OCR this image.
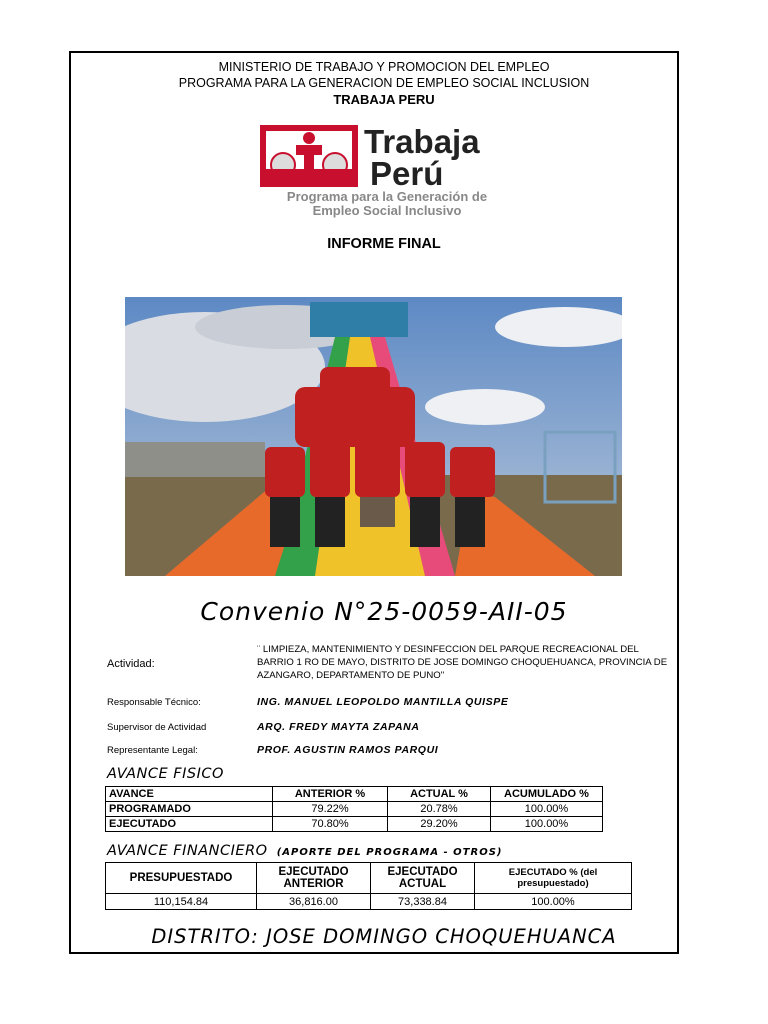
MINISTERIO DE TRABAJO Y PROMOCION DEL EMPLEO
PROGRAMA PARA LA GENERACION DE EMPLEO SOCIAL INCLUSION
TRABAJA PERU
Trabaja
Perú
Programa para la Generación de
Empleo Social Inclusivo
INFORME FINAL
Convenio N°25-0059-AII-05
Actividad:
¨ LIMPIEZA, MANTENIMIENTO Y DESINFECCION DEL PARQUE RECREACIONAL DEL BARRIO 1 RO DE MAYO, DISTRITO DE JOSE DOMINGO CHOQUEHUANCA, PROVINCIA DE AZANGARO, DEPARTAMENTO DE PUNO"
Responsable Técnico:	ING. MANUEL LEOPOLDO MANTILLA QUISPE
Supervisor de Actividad	ARQ. FREDY MAYTA ZAPANA
Representante Legal:	PROF. AGUSTIN RAMOS PARQUI
AVANCE FISICO
AVANCE	ANTERIOR %	ACTUAL %	ACUMULADO %
PROGRAMADO	79.22%	20.78%	100.00%
EJECUTADO	70.80%	29.20%	100.00%
AVANCE FINANCIERO (APORTE DEL PROGRAMA - OTROS)
PRESUPUESTADO	EJECUTADO ANTERIOR	EJECUTADO ACTUAL	EJECUTADO % (del presupuestado)
110,154.84	36,816.00	73,338.84	100.00%
DISTRITO: JOSE DOMINGO CHOQUEHUANCA
